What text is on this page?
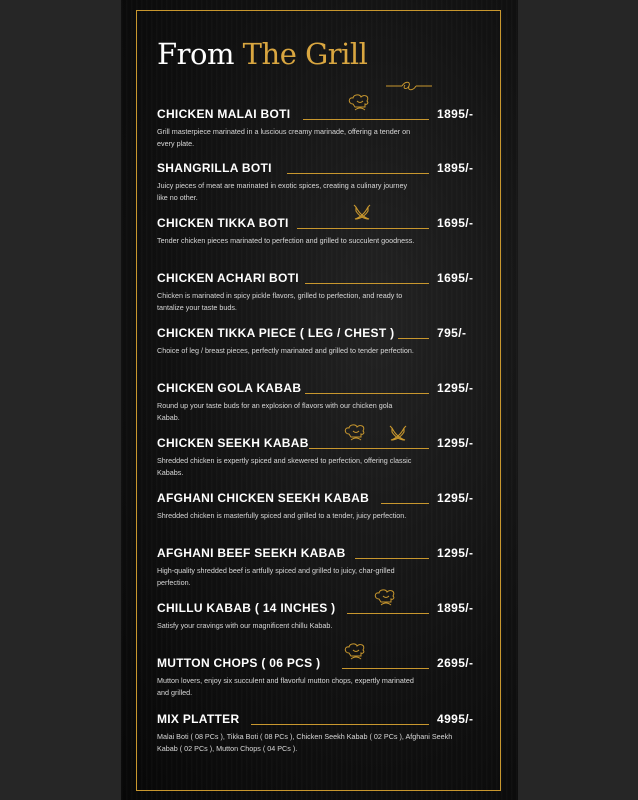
From The Grill
CHICKEN MALAI BOTI	1895/-
Grill masterpiece marinated in a luscious creamy marinade, offering a tender on every plate.
SHANGRILLA BOTI	1895/-
Juicy pieces of meat are marinated in exotic spices, creating a culinary journey like no other.
CHICKEN TIKKA BOTI	1695/-
Tender chicken pieces marinated to perfection and grilled to succulent goodness.
CHICKEN ACHARI BOTI	1695/-
Chicken is marinated in spicy pickle flavors, grilled to perfection, and ready to tantalize your taste buds.
CHICKEN TIKKA PIECE ( LEG / CHEST )	795/-
Choice of leg / breast pieces, perfectly marinated and grilled to tender perfection.
CHICKEN GOLA KABAB	1295/-
Round up your taste buds for an explosion of flavors with our chicken gola Kabab.
CHICKEN SEEKH KABAB	1295/-
Shredded chicken is expertly spiced and skewered to perfection, offering classic Kababs.
AFGHANI CHICKEN SEEKH KABAB	1295/-
Shredded chicken is masterfully spiced and grilled to a tender, juicy perfection.
AFGHANI BEEF SEEKH KABAB	1295/-
High-quality shredded beef is artfully spiced and grilled to juicy, char-grilled perfection.
CHILLU KABAB ( 14 INCHES )	1895/-
Satisfy your cravings with our magnificent chillu Kabab.
MUTTON CHOPS ( 06 PCS )	2695/-
Mutton lovers, enjoy six succulent and flavorful mutton chops, expertly marinated and grilled.
MIX PLATTER	4995/-
Malai Boti ( 08 PCs ), Tikka Boti ( 08 PCs ), Chicken Seekh Kabab ( 02 PCs ), Afghani Seekh Kabab ( 02 PCs ), Mutton Chops ( 04 PCs ).
